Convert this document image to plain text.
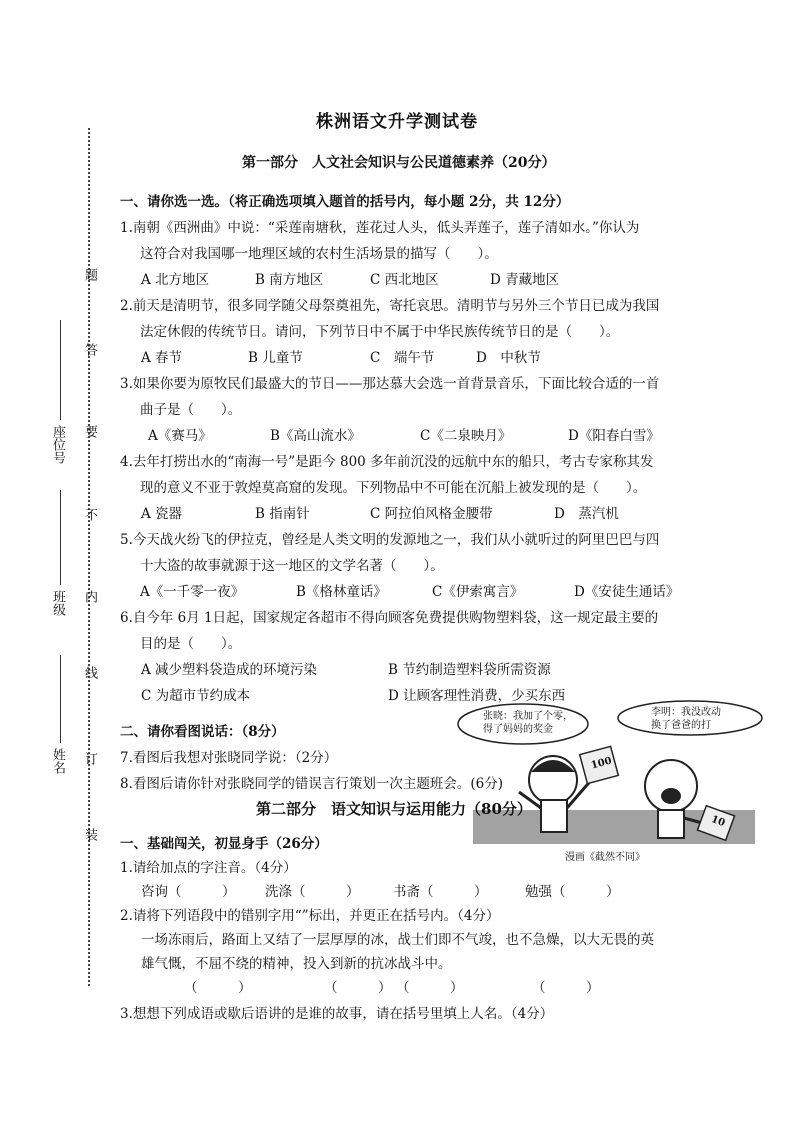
装
订
线
内
不
要
答
题
姓名
班级
座位号
株洲语文升学测试卷
第一部分　人文社会知识与公民道德素养（20分）
一、请你选一选。（将正确选项填入题首的括号内，每小题 2分，共 12分）
1.南朝《西洲曲》中说：“采莲南塘秋，莲花过人头，低头弄莲子，莲子清如水。”你认为
这符合对我国哪一地理区域的农村生活场景的描写（　　）。
A 北方地区	B 南方地区	C 西北地区	D 青藏地区
2.前天是清明节，很多同学随父母祭奠祖先，寄托哀思。清明节与另外三个节日已成为我国
法定休假的传统节日。请问，下列节日中不属于中华民族传统节日的是（　　）。
A 春节	B 儿童节	C　端午节	D　中秋节
3.如果你要为原牧民们最盛大的节日——那达慕大会选一首背景音乐，下面比较合适的一首
曲子是（　　）。
A《赛马》	B《高山流水》	C《二泉映月》	D《阳春白雪》
4.去年打捞出水的“南海一号”是距今 800 多年前沉没的远航中东的船只，考古专家称其发
现的意义不亚于敦煌莫高窟的发现。下列物品中不可能在沉船上被发现的是（　　）。
A 瓷器	B 指南针	C 阿拉伯风格金腰带	D　蒸汽机
5.今天战火纷飞的伊拉克，曾经是人类文明的发源地之一，我们从小就听过的阿里巴巴与四
十大盗的故事就源于这一地区的文学名著（　　）。
A《一千零一夜》	B《格林童话》	C《伊索寓言》	D《安徒生通话》
6.自今年 6月 1日起，国家规定各超市不得向顾客免费提供购物塑料袋，这一规定最主要的
目的是（　　）。
A 减少塑料袋造成的环境污染	B 节约制造塑料袋所需资源
C 为超市节约成本	D 让顾客理性消费，少买东西
二、请你看图说话：（8分）
7.看图后我想对张晓同学说：（2分）
8.看图后请你针对张晓同学的错误言行策划一次主题班会。(6分)
张晓：我加了个零，
得了妈妈的奖金
李明：我没改动
换了爸爸的打
100
10
漫画《截然不同》
第二部分　语文知识与运用能力（80分）
一、基础闯关，初显身手（26分）
1.请给加点的字注音。（4分）
咨询（　　　） 洗涤（　　　） 书斋（　　　）	勉强（　　　）
2.请将下列语段中的错别字用“”标出，并更正在括号内。（4分）
一场冻雨后，路面上又结了一层厚厚的冰，战士们即不气竣，也不急燥，以大无畏的英
雄气慨，不屈不绕的精神，投入到新的抗冰战斗中。
（　　　）	（　　　） （　　　）	（　　　）
3.想想下列成语或歇后语讲的是谁的故事，请在括号里填上人名。（4分）
